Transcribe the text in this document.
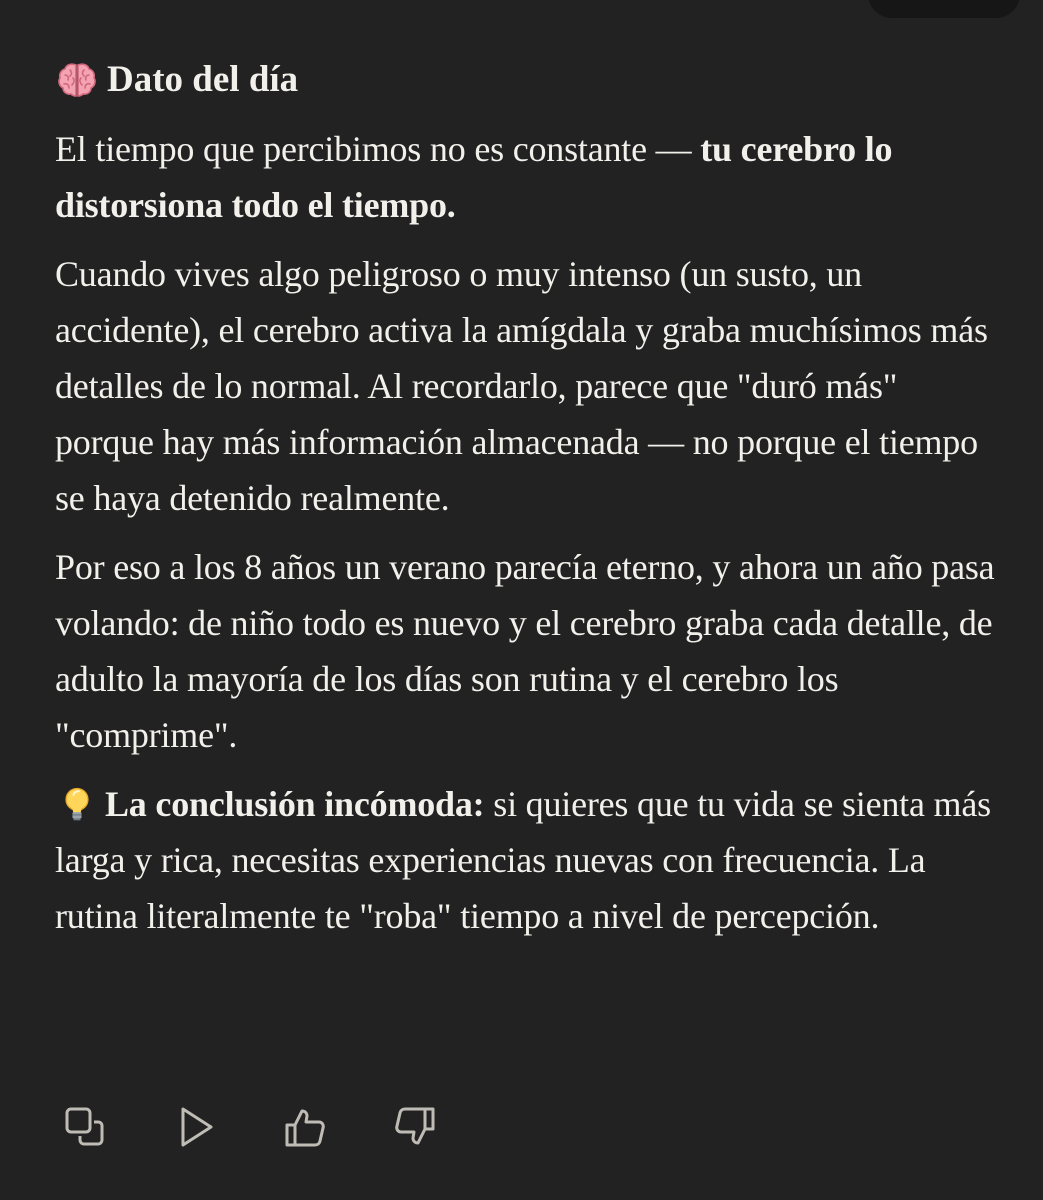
Dato del día

El tiempo que percibimos no es constante — tu cerebro lo distorsiona todo el tiempo.

Cuando vives algo peligroso o muy intenso (un susto, un accidente), el cerebro activa la amígdala y graba muchísimos más detalles de lo normal. Al recordarlo, parece que "duró más" porque hay más información almacenada — no porque el tiempo se haya detenido realmente.

Por eso a los 8 años un verano parecía eterno, y ahora un año pasa volando: de niño todo es nuevo y el cerebro graba cada detalle, de adulto la mayoría de los días son rutina y el cerebro los "comprime".

La conclusión incómoda: si quieres que tu vida se sienta más larga y rica, necesitas experiencias nuevas con frecuencia. La rutina literalmente te "roba" tiempo a nivel de percepción.
